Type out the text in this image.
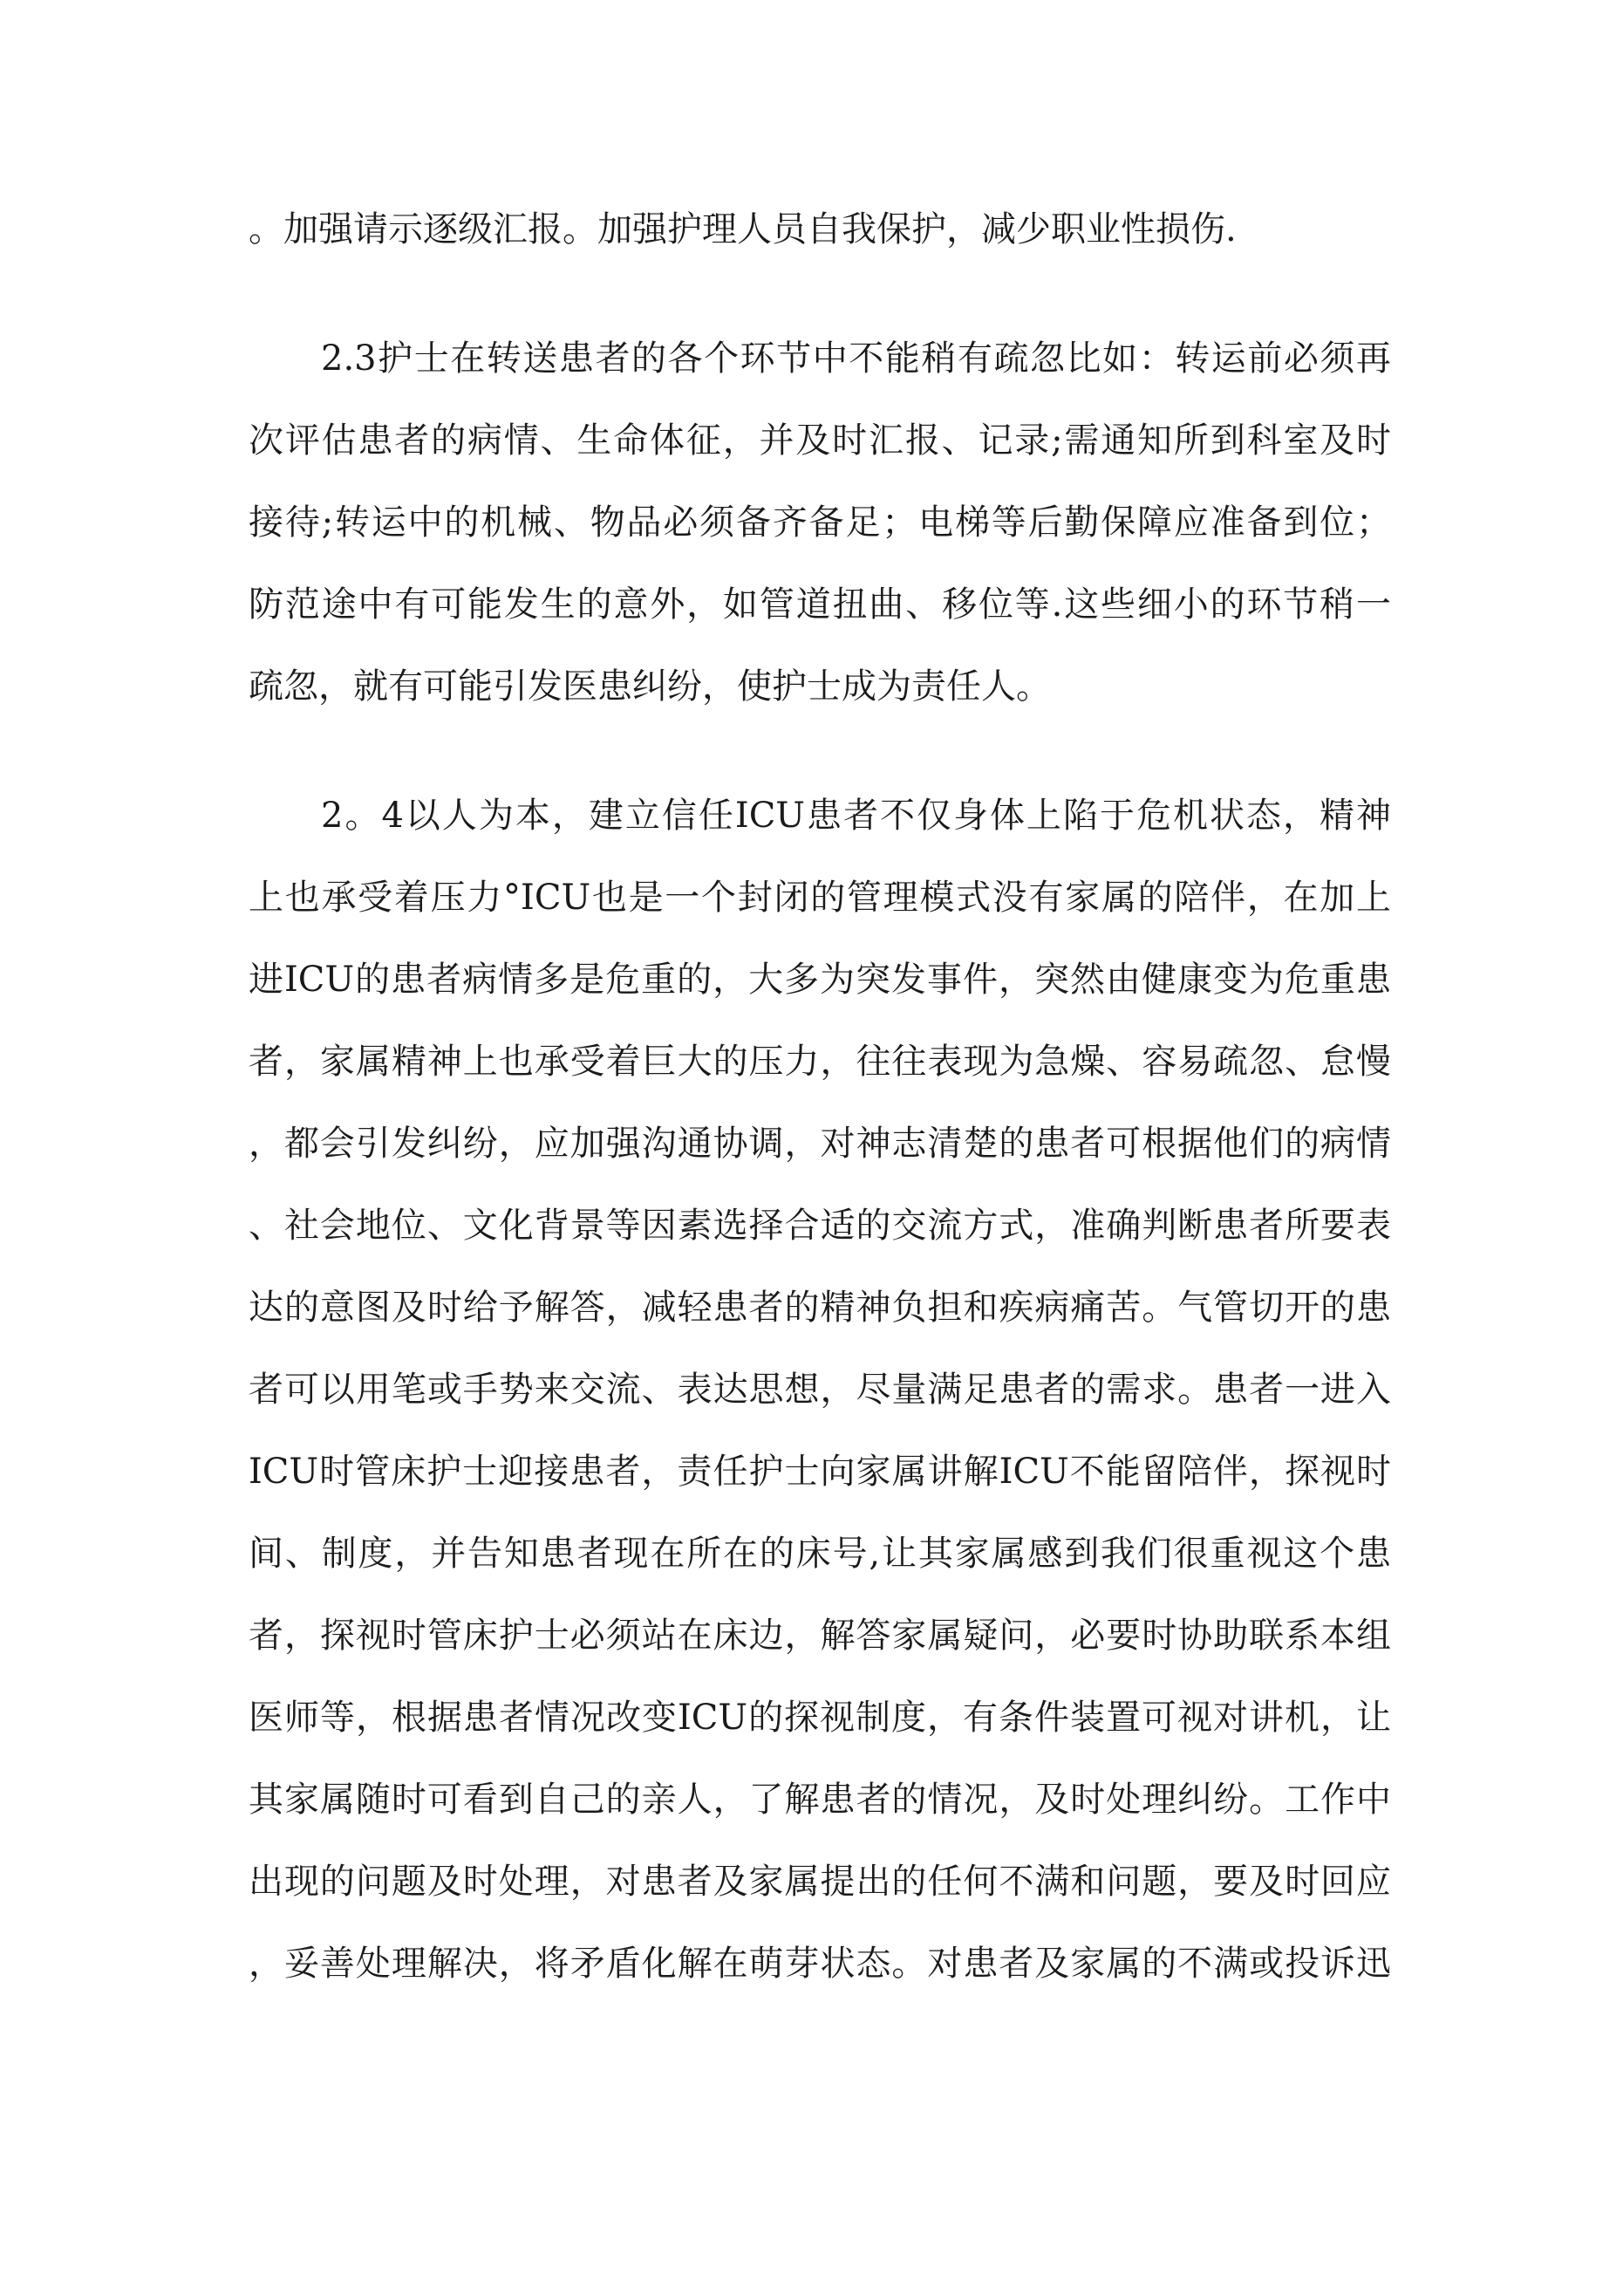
。加强请示逐级汇报。加强护理人员自我保护，减少职业性损伤.
2.3护士在转送患者的各个环节中不能稍有疏忽比如：转运前必须再
次评估患者的病情、生命体征，并及时汇报、记录;需通知所到科室及时
接待;转运中的机械、物品必须备齐备足；电梯等后勤保障应准备到位；
防范途中有可能发生的意外，如管道扭曲、移位等.这些细小的环节稍一
疏忽，就有可能引发医患纠纷，使护士成为责任人。
2。4以人为本，建立信任ICU患者不仅身体上陷于危机状态，精神
上也承受着压力°ICU也是一个封闭的管理模式没有家属的陪伴，在加上
进ICU的患者病情多是危重的，大多为突发事件，突然由健康变为危重患
者，家属精神上也承受着巨大的压力，往往表现为急燥、容易疏忽、怠慢
，都会引发纠纷，应加强沟通协调，对神志清楚的患者可根据他们的病情
、社会地位、文化背景等因素选择合适的交流方式，准确判断患者所要表
达的意图及时给予解答，减轻患者的精神负担和疾病痛苦。气管切开的患
者可以用笔或手势来交流、表达思想，尽量满足患者的需求。患者一进入
ICU时管床护士迎接患者，责任护士向家属讲解ICU不能留陪伴，探视时
间、制度，并告知患者现在所在的床号,让其家属感到我们很重视这个患
者，探视时管床护士必须站在床边，解答家属疑问，必要时协助联系本组
医师等，根据患者情况改变ICU的探视制度，有条件装置可视对讲机，让
其家属随时可看到自己的亲人，了解患者的情况，及时处理纠纷。工作中
出现的问题及时处理，对患者及家属提出的任何不满和问题，要及时回应
，妥善处理解决，将矛盾化解在萌芽状态。对患者及家属的不满或投诉迅
